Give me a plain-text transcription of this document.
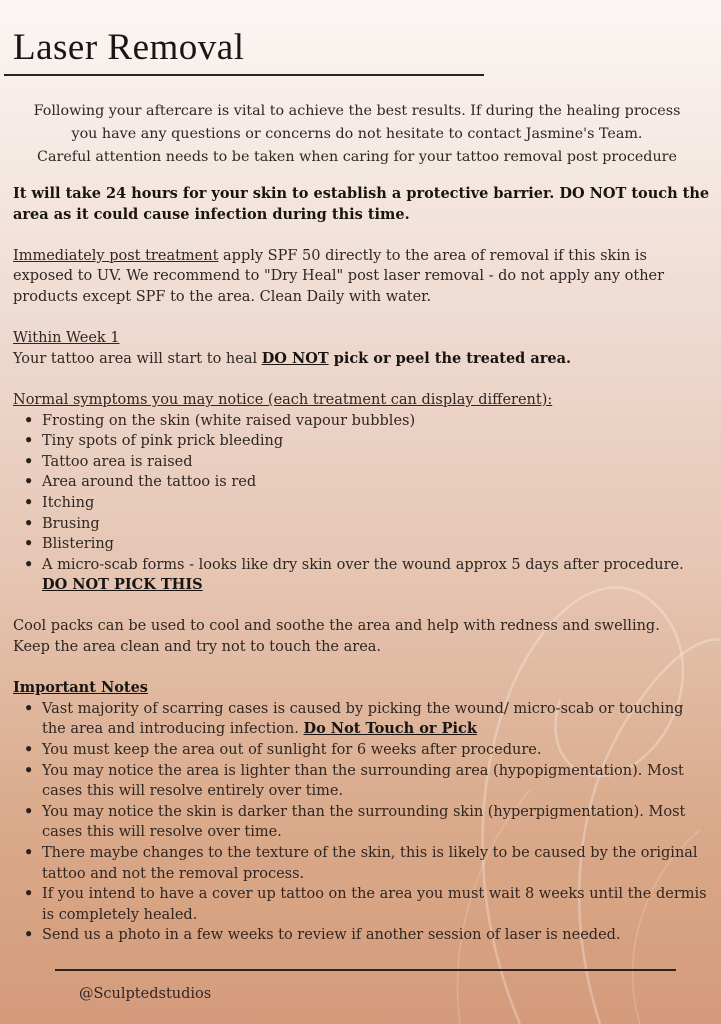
Laser Removal

Following your aftercare is vital to achieve the best results. If during the healing process
you have any questions or concerns do not hesitate to contact Jasmine's Team.
Careful attention needs to be taken when caring for your tattoo removal post procedure

It will take 24 hours for your skin to establish a protective barrier. DO NOT touch the area as it could cause infection during this time.

Immediately post treatment apply SPF 50 directly to the area of removal if this skin is exposed to UV. We recommend to "Dry Heal" post laser removal - do not apply any other products except SPF to the area. Clean Daily with water.

Within Week 1

Your tattoo area will start to heal DO NOT pick or peel the treated area.

Normal symptoms you may notice (each treatment can display different):

• Frosting on the skin (white raised vapour bubbles)
• Tiny spots of pink prick bleeding
• Tattoo area is raised
• Area around the tattoo is red
• Itching
• Brusing
• Blistering
• A micro-scab forms - looks like dry skin over the wound approx 5 days after procedure.
DO NOT PICK THIS

Cool packs can be used to cool and soothe the area and help with redness and swelling.

Keep the area clean and try not to touch the area.

Important Notes

• Vast majority of scarring cases is caused by picking the wound/ micro-scab or touching the area and introducing infection. Do Not Touch or Pick
• You must keep the area out of sunlight for 6 weeks after procedure.
• You may notice the area is lighter than the surrounding area (hypopigmentation). Most cases this will resolve entirely over time.
• You may notice the skin is darker than the surrounding skin (hyperpigmentation). Most cases this will resolve over time.
• There maybe changes to the texture of the skin, this is likely to be caused by the original tattoo and not the removal process.
• If you intend to have a cover up tattoo on the area you must wait 8 weeks until the dermis is completely healed.
• Send us a photo in a few weeks to review if another session of laser is needed.
@Sculptedstudios
